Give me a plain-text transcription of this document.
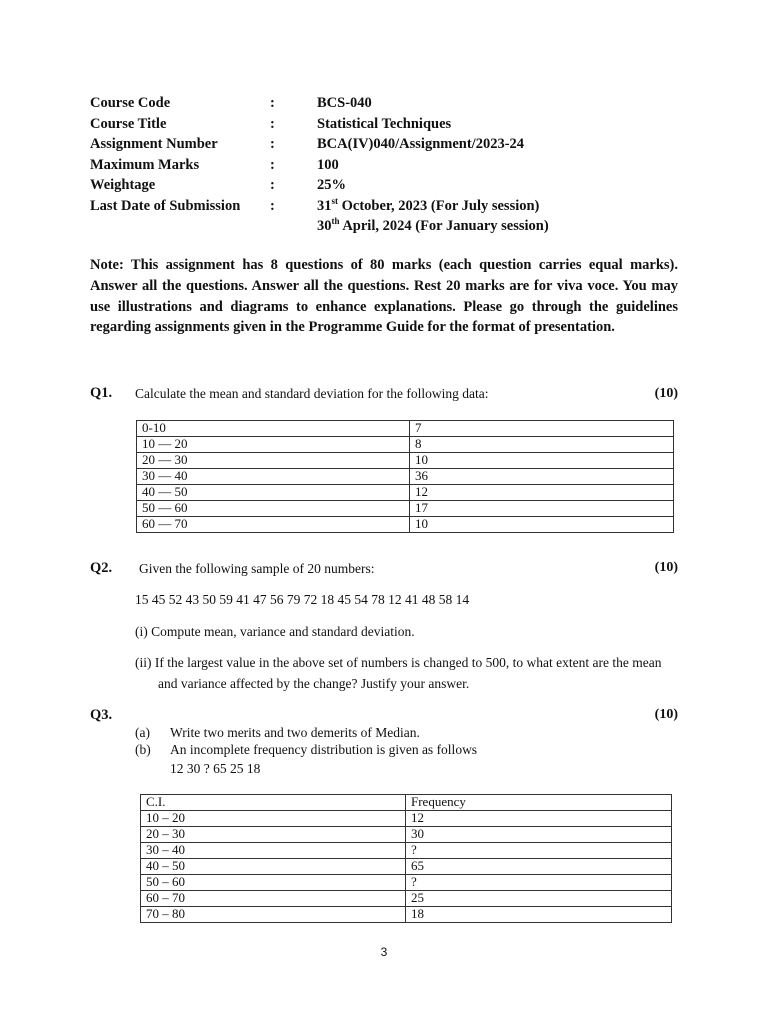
Course Code	:	BCS-040
Course Title	:	Statistical Techniques
Assignment Number	:	BCA(IV)040/Assignment/2023-24
Maximum Marks	:	100
Weightage	:	25%
Last Date of Submission :	31st October, 2023 (For July session)
30th April, 2024 (For January session)
Note: This assignment has 8 questions of 80 marks (each question carries equal marks). Answer all the questions. Answer all the questions. Rest 20 marks are for viva voce. You may use illustrations and diagrams to enhance explanations. Please go through the guidelines regarding assignments given in the Programme Guide for the format of presentation.
Q1. Calculate the mean and standard deviation for the following data:	(10)
0-10	7
10 — 20	8
20 — 30	10
30 — 40	36
40 — 50	12
50 — 60	17
60 — 70	10
Q2. Given the following sample of 20 numbers:	(10)
15 45 52 43 50 59 41 47 56 79 72 18 45 54 78 12 41 48 58 14
(i) Compute mean, variance and standard deviation.
(ii) If the largest value in the above set of numbers is changed to 500, to what extent are the mean
and variance affected by the change? Justify your answer.
Q3.	(10)
(a) Write two merits and two demerits of Median.
(b) An incomplete frequency distribution is given as follows
12 30 ? 65 25 18
C.I.	Frequency
10 – 20	12
20 – 30	30
30 – 40	?
40 – 50	65
50 – 60	?
60 – 70	25
70 – 80	18
3
